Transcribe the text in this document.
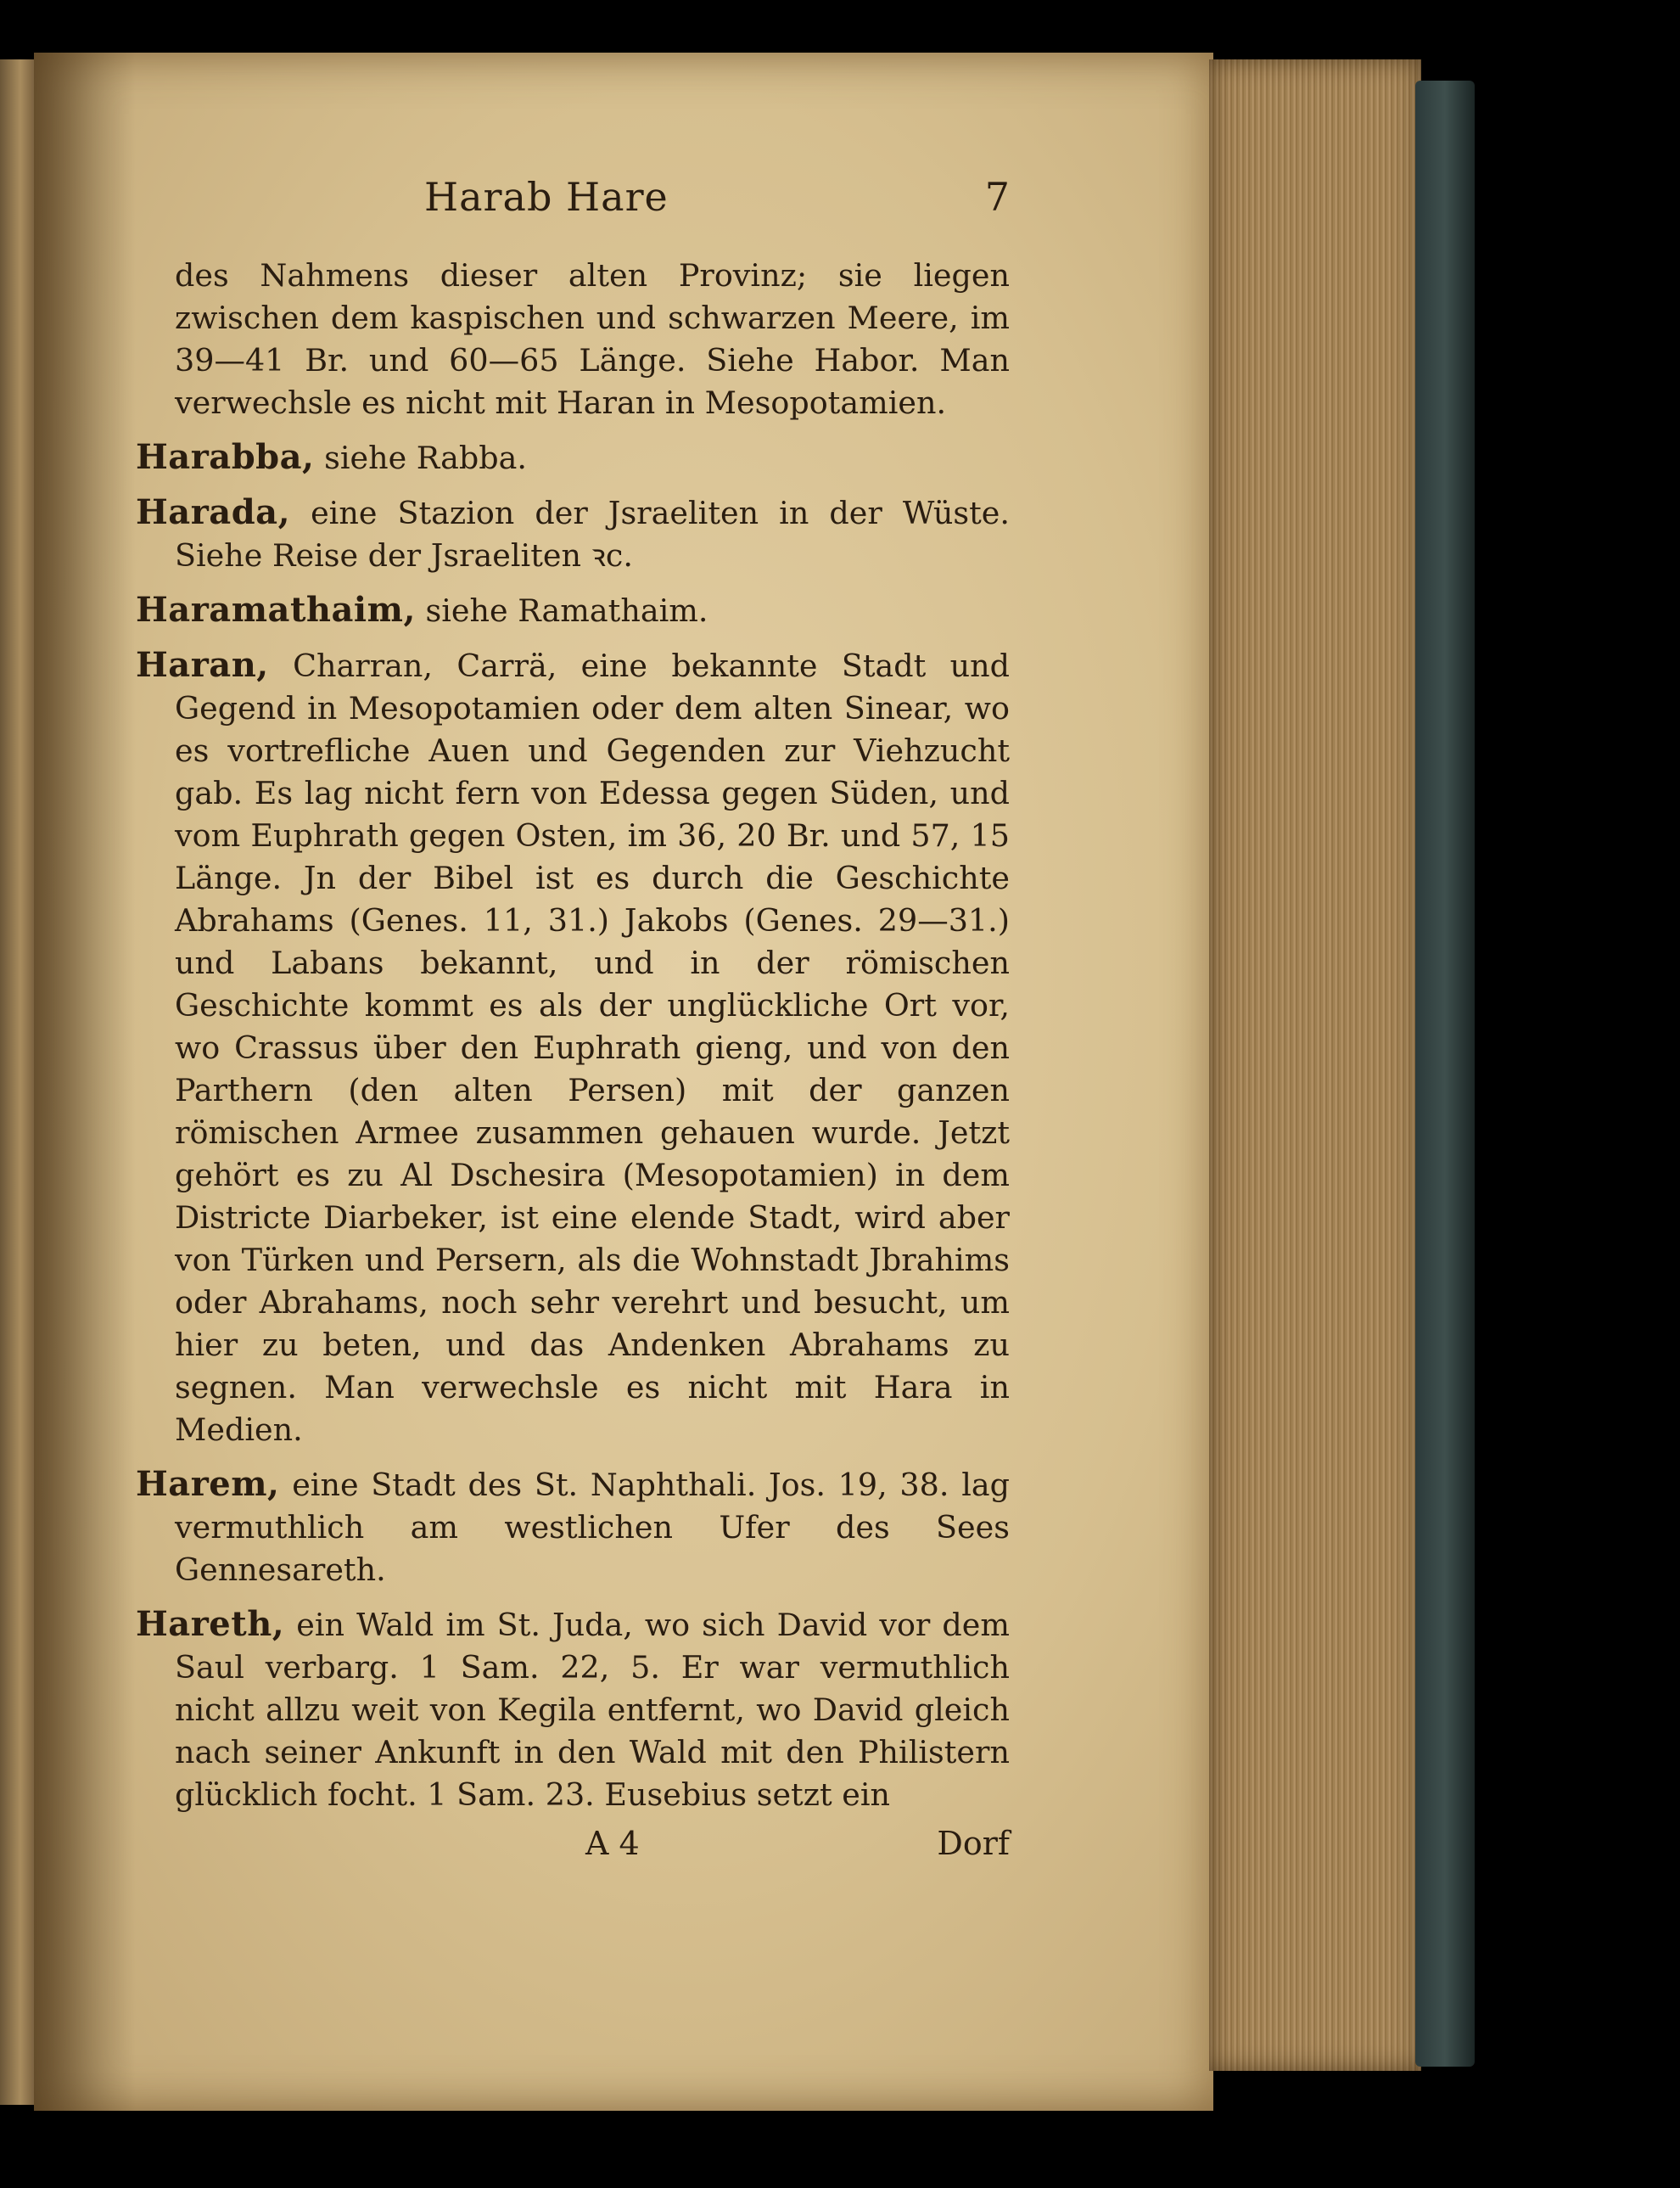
Harab Hare	7

des Nahmens dieser alten Provinz; sie liegen zwischen dem kaspischen und schwarzen Meere, im 39—41 Br. und 60—65 Länge. Siehe Habor. Man verwechsle es nicht mit Haran in Mesopotamien.

Harabba, siehe Rabba.

Harada, eine Stazion der Jsraeliten in der Wüste. Siehe Reise der Jsraeliten ꝛc.

Haramathaim, siehe Ramathaim.

Haran, Charran, Carrä, eine bekannte Stadt und Gegend in Mesopotamien oder dem alten Sinear, wo es vortrefliche Auen und Gegenden zur Viehzucht gab. Es lag nicht fern von Edessa gegen Süden, und vom Euphrath gegen Osten, im 36, 20 Br. und 57, 15 Länge. Jn der Bibel ist es durch die Geschichte Abrahams (Genes. 11, 31.) Jakobs (Genes. 29—31.) und Labans bekannt, und in der römischen Geschichte kommt es als der unglückliche Ort vor, wo Crassus über den Euphrath gieng, und von den Parthern (den alten Persen) mit der ganzen römischen Armee zusammen gehauen wurde. Jetzt gehört es zu Al Dschesira (Mesopotamien) in dem Districte Diarbeker, ist eine elende Stadt, wird aber von Türken und Persern, als die Wohnstadt Jbrahims oder Abrahams, noch sehr verehrt und besucht, um hier zu beten, und das Andenken Abrahams zu segnen. Man verwechsle es nicht mit Hara in Medien.

Harem, eine Stadt des St. Naphthali. Jos. 19, 38. lag vermuthlich am westlichen Ufer des Sees Gennesareth.

Hareth, ein Wald im St. Juda, wo sich David vor dem Saul verbarg. 1 Sam. 22, 5. Er war vermuthlich nicht allzu weit von Kegila entfernt, wo David gleich nach seiner Ankunft in den Wald mit den Philistern glücklich focht. 1 Sam. 23. Eusebius setzt ein

A 4	Dorf
